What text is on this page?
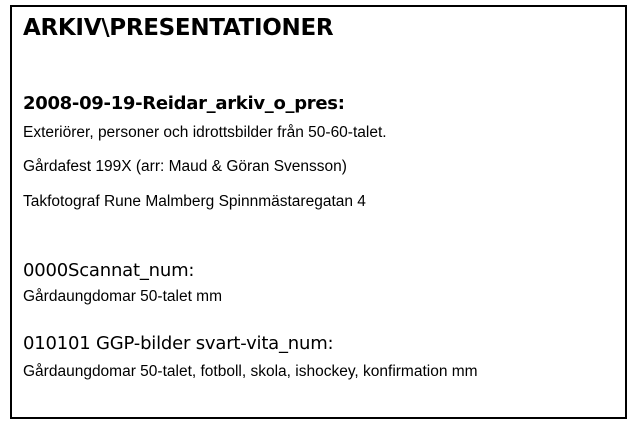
ARKIV\PRESENTATIONER
2008-09-19-Reidar_arkiv_o_pres:
Exteriörer, personer och idrottsbilder från 50-60-talet.
Gårdafest 199X (arr: Maud & Göran Svensson)
Takfotograf Rune Malmberg Spinnmästaregatan 4
0000Scannat_num:
Gårdaungdomar 50-talet mm
010101 GGP-bilder svart-vita_num:
Gårdaungdomar 50-talet, fotboll, skola, ishockey, konfirmation mm
